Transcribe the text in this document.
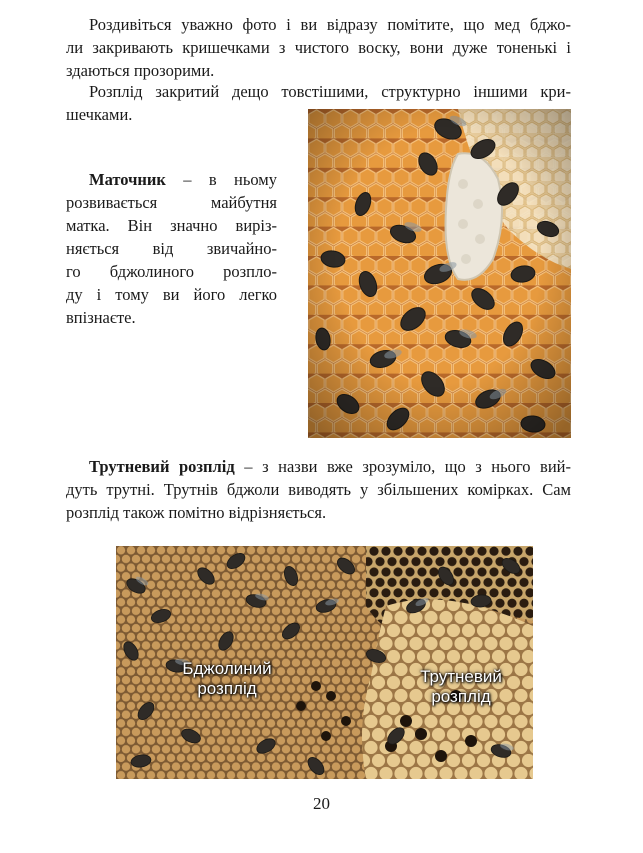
Роздивіться уважно фото і ви відразу помітите, що мед бджо-
ли закривають кришечками з чистого воску, вони дуже тоненькі і
здаються прозорими.
Розплід закритий дещо товстішими, структурно іншими кри-
шечками.
Маточник – в ньому
розвивається майбутня
матка. Він значно виріз-
няється від звичайно-
го бджолиного розпло-
ду і тому ви його легко
впізнаєте.
Трутневий розплід – з назви вже зрозуміло, що з нього вий-
дуть трутні. Трутнів бджоли виводять у збільшених комірках. Сам
розплід також помітно відрізняється.
Бджолиний
розплід
Трутневий
розплід
20
